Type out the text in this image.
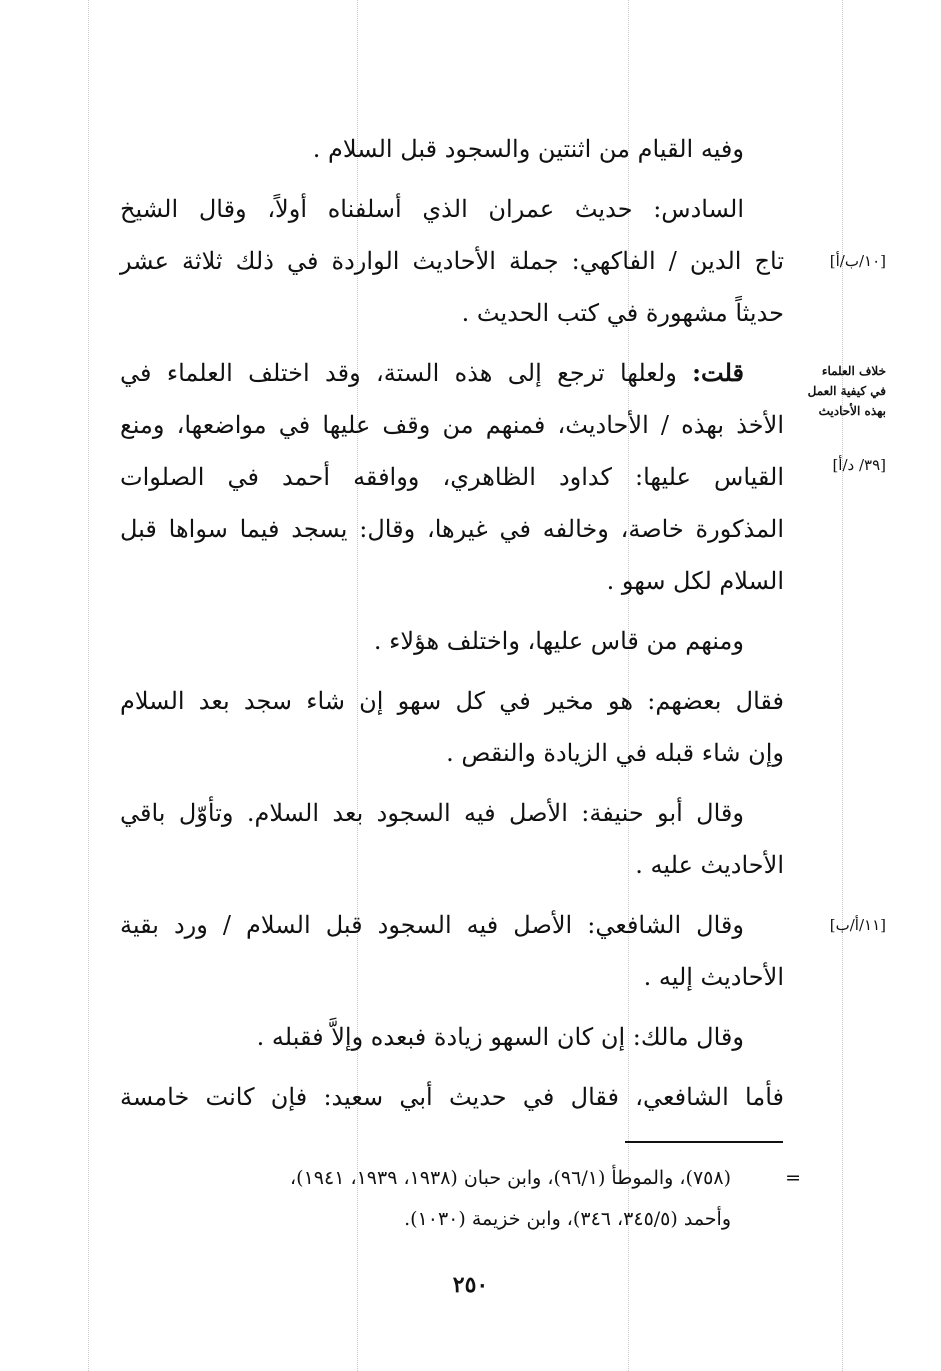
وفيه القيام من اثنتين والسجود قبل السلام .
السادس: حديث عمران الذي أسلفناه أولاً، وقال الشيخ
تاج الدين / الفاكهي: جملة الأحاديث الواردة في ذلك ثلاثة عشر
حديثاً مشهورة في كتب الحديث .
قلت: ولعلها ترجع إلى هذه الستة، وقد اختلف العلماء في
الأخذ بهذه / الأحاديث، فمنهم من وقف عليها في مواضعها، ومنع
القياس عليها: كداود الظاهري، ووافقه أحمد في الصلوات
المذكورة خاصة، وخالفه في غيرها، وقال: يسجد فيما سواها قبل
السلام لكل سهو .
ومنهم من قاس عليها، واختلف هؤلاء .
فقال بعضهم: هو مخير في كل سهو إن شاء سجد بعد السلام
وإن شاء قبله في الزيادة والنقص .
وقال أبو حنيفة: الأصل فيه السجود بعد السلام. وتأوّل باقي
الأحاديث عليه .
وقال الشافعي: الأصل فيه السجود قبل السلام / ورد بقية
الأحاديث إليه .
وقال مالك: إن كان السهو زيادة فبعده وإلاَّ فقبله .
فأما الشافعي، فقال في حديث أبي سعيد: فإن كانت خامسة
[١٠/ب/أ]
خلاف العلماء
في كيفية العمل
بهذه الأحاديث
[٣٩/ د/أ]
[١١/أ/ب]
=
(٧٥٨)، والموطأ (٩٦/١)، وابن حبان (١٩٣٨، ١٩٣٩، ١٩٤١)،
وأحمد (٣٤٥/٥، ٣٤٦)، وابن خزيمة (١٠٣٠).
٢٥٠
